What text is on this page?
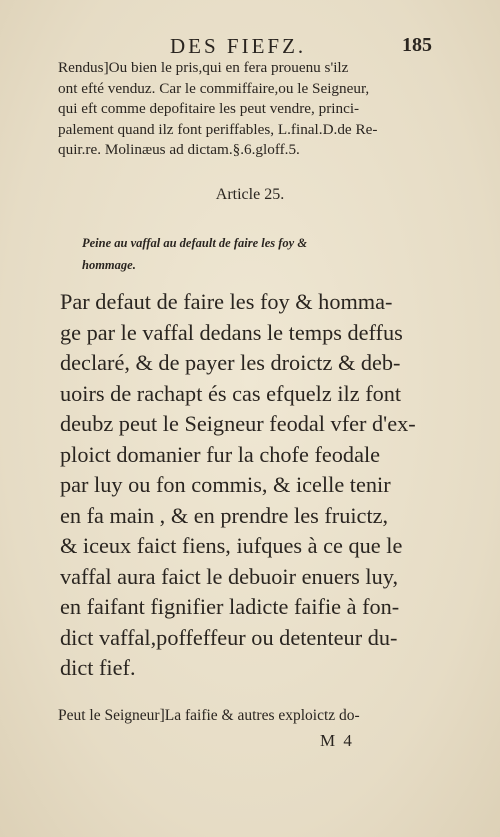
DES FIEFZ.	185
Rendus]Ou bien le pris,qui en fera prouenu s'ilz
ont efté venduz. Car le commiffaire,ou le Seigneur,
qui eft comme depofitaire les peut vendre, princi-
palement quand ilz font periffables, L.final.D.de Re-
quir.re. Molinæus ad dictam.§.6.gloff.5.
Article 25.
Peine au vaffal au default de faire les foy &
hommage.
Par defaut de faire les foy & homma-
ge par le vaffal dedans le temps deffus
declaré, & de payer les droictz & deb-
uoirs de rachapt és cas efquelz ilz font
deubz peut le Seigneur feodal vfer d'ex-
ploict domanier fur la chofe feodale
par luy ou fon commis, & icelle tenir
en fa main , & en prendre les fruictz,
& iceux faict fiens, iufques à ce que le
vaffal aura faict le debuoir enuers luy,
en faifant fignifier ladicte faifie à fon-
dict vaffal,poffeffeur ou detenteur du-
dict fief.
Peut le Seigneur]La faifie & autres exploictz do-
M 4
